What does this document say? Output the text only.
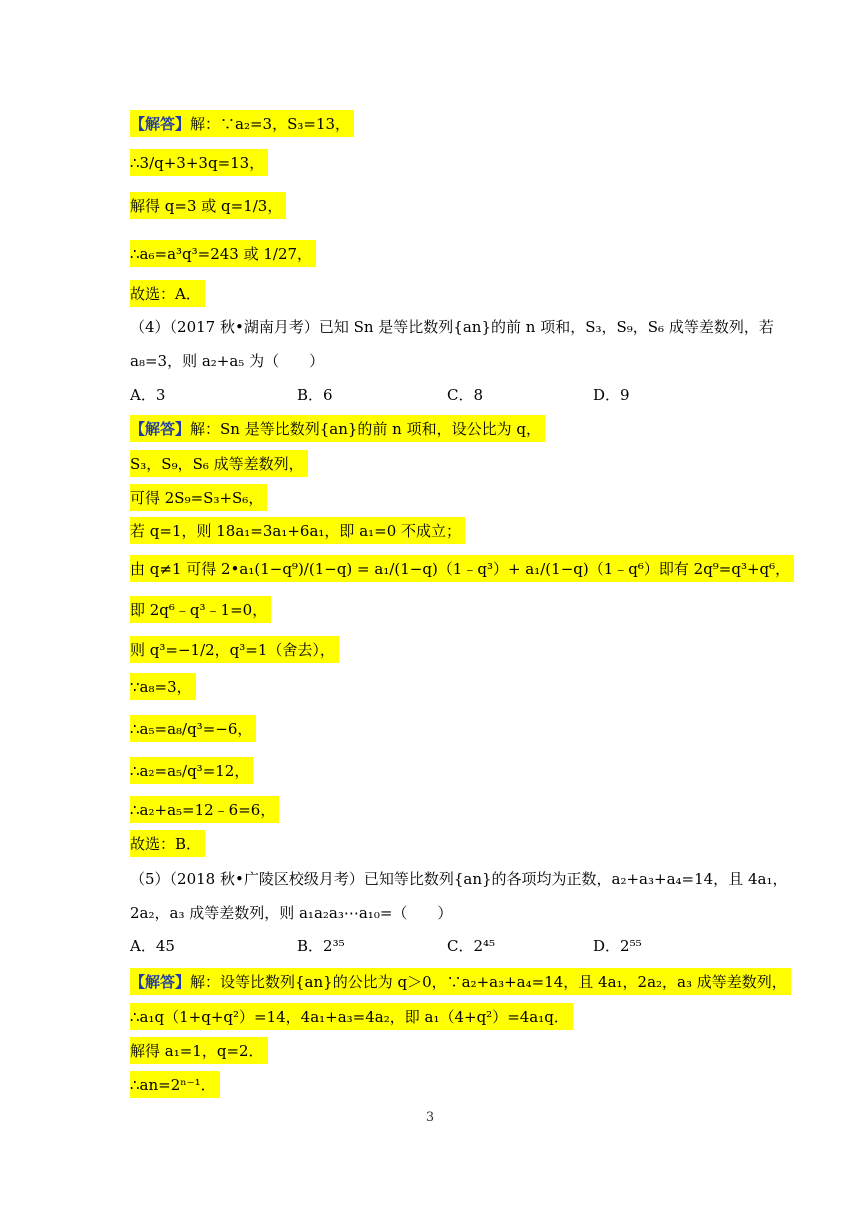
【解答】解：∵a₂=3，S₃=13，
∴3/q+3+3q=13，
解得 q=3 或 q=1/3，
∴a₆=a³q³=243 或 1/27，
故选：A．
（4）（2017 秋•湖南月考）已知 Sn 是等比数列{an}的前 n 项和，S₃，S₉，S₆ 成等差数列，若
a₈=3，则 a₂+a₅ 为（　　）
A．3	B．6	C．8	D．9
【解答】解：Sn 是等比数列{an}的前 n 项和，设公比为 q，
S₃，S₉，S₆ 成等差数列，
可得 2S₉=S₃+S₆，
若 q=1，则 18a₁=3a₁+6a₁，即 a₁=0 不成立；
由 q≠1 可得 2•a₁(1−q⁹)/(1−q) = a₁/(1−q)（1﹣q³）+ a₁/(1−q)（1﹣q⁶）即有 2q⁹=q³+q⁶，
即 2q⁶﹣q³﹣1=0，
则 q³=−1/2，q³=1（舍去），
∵a₈=3，
∴a₅=a₈/q³=−6，
∴a₂=a₅/q³=12，
∴a₂+a₅=12﹣6=6，
故选：B．
（5）（2018 秋•广陵区校级月考）已知等比数列{an}的各项均为正数，a₂+a₃+a₄=14，且 4a₁，
2a₂，a₃ 成等差数列，则 a₁a₂a₃⋯a₁₀=（　　）
A．45	B．2³⁵	C．2⁴⁵	D．2⁵⁵
【解答】解：设等比数列{an}的公比为 q＞0，∵a₂+a₃+a₄=14，且 4a₁，2a₂，a₃ 成等差数列，
∴a₁q（1+q+q²）=14，4a₁+a₃=4a₂，即 a₁（4+q²）=4a₁q．
解得 a₁=1，q=2．
∴an=2ⁿ⁻¹．
3
